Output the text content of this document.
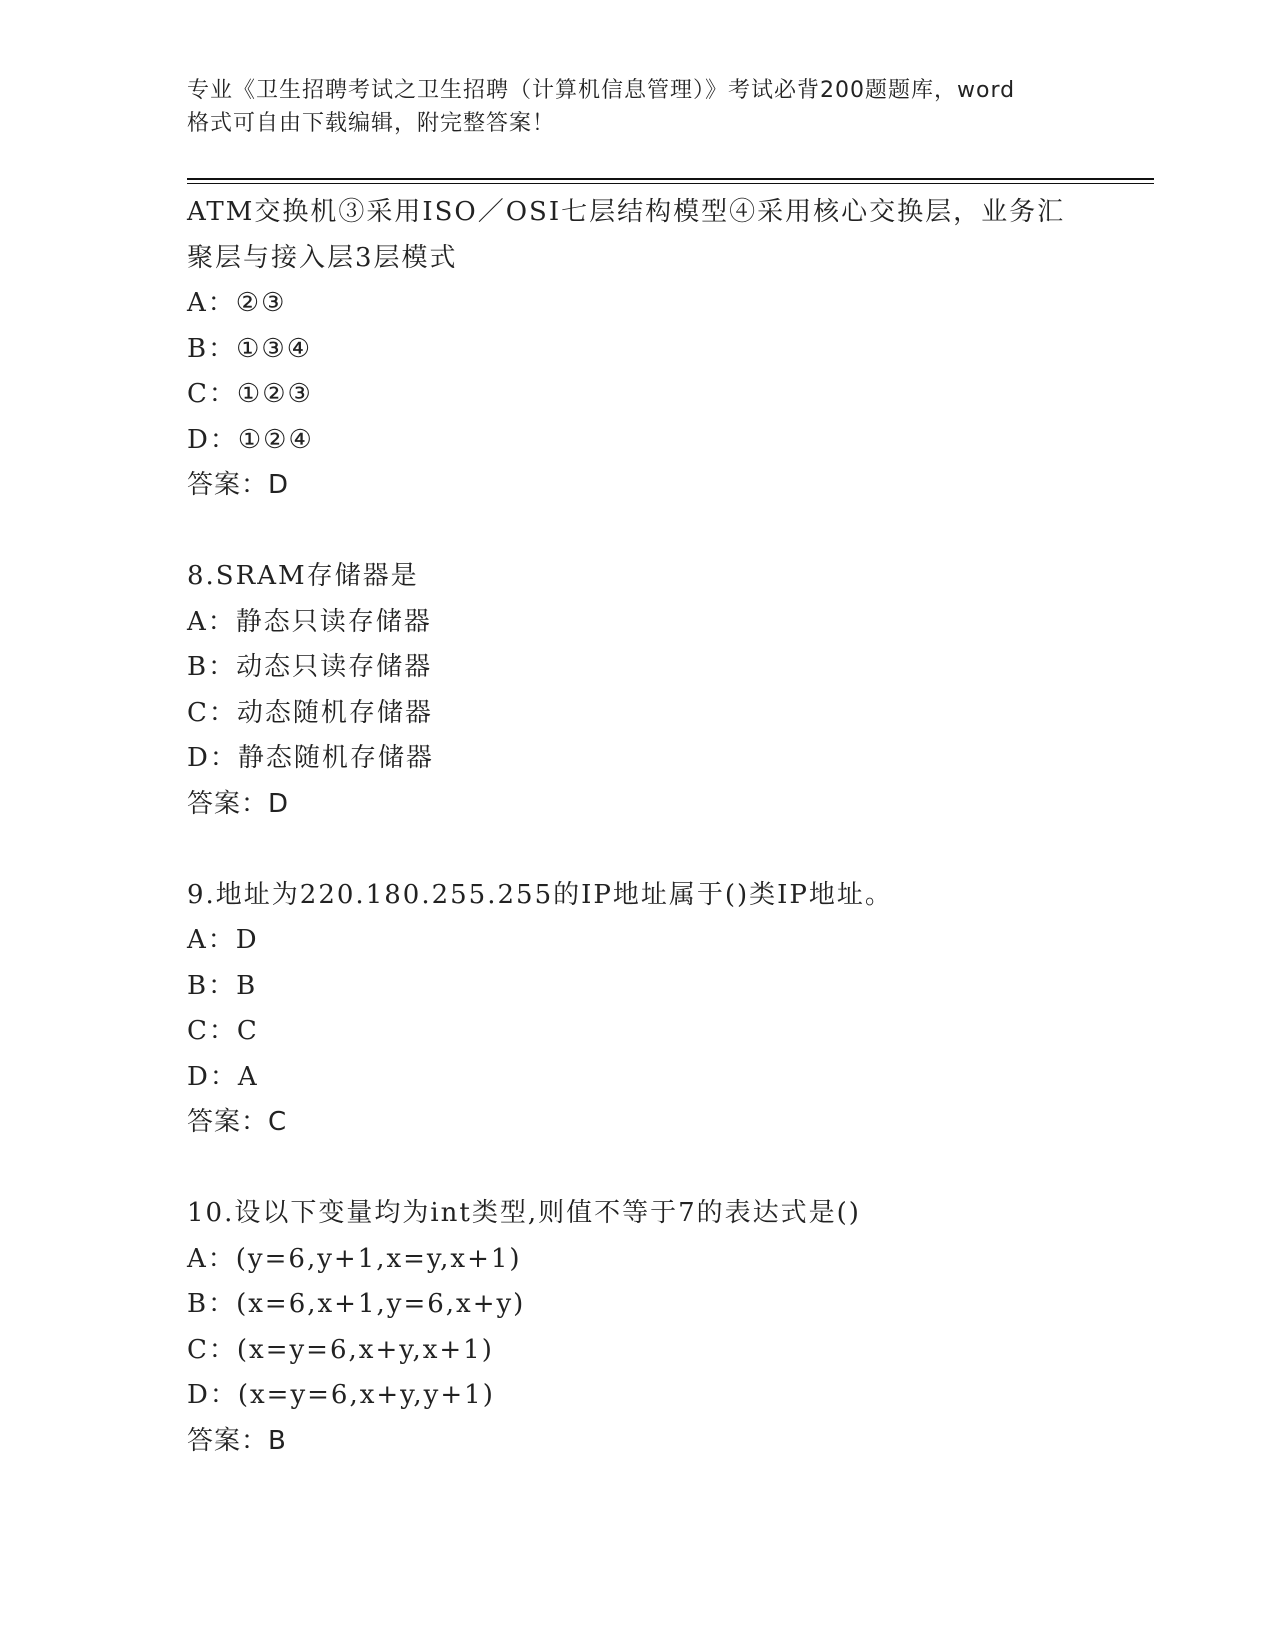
专业《卫生招聘考试之卫生招聘（计算机信息管理）》考试必背200题题库，word
格式可自由下载编辑，附完整答案！
ATM交换机③采用ISO／OSI七层结构模型④采用核心交换层，业务汇
聚层与接入层3层模式
A：②③
B：①③④
C：①②③
D：①②④
答案：D
8.SRAM存储器是
A：静态只读存储器
B：动态只读存储器
C：动态随机存储器
D：静态随机存储器
答案：D
9.地址为220.180.255.255的IP地址属于()类IP地址。
A：D
B：B
C：C
D：A
答案：C
10.设以下变量均为int类型,则值不等于7的表达式是()
A：(y=6,y+1,x=y,x+1)
B：(x=6,x+1,y=6,x+y)
C：(x=y=6,x+y,x+1)
D：(x=y=6,x+y,y+1)
答案：B
